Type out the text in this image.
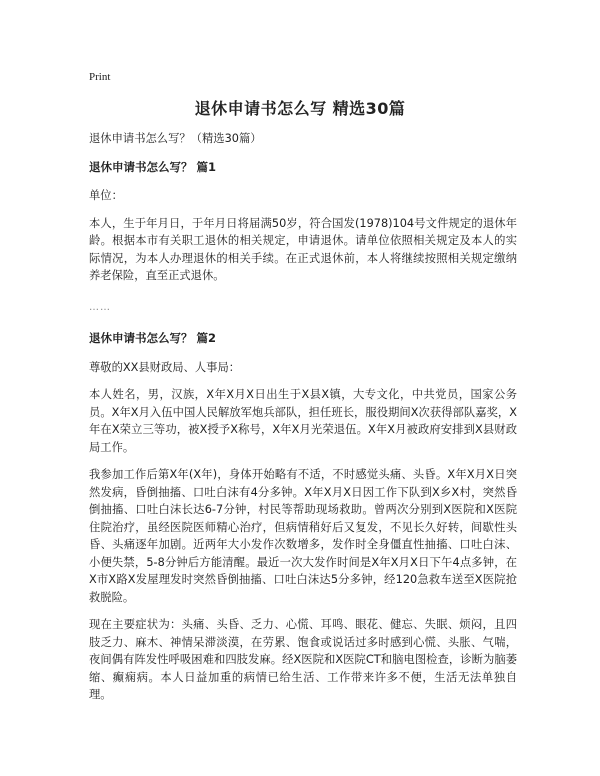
Print
退休申请书怎么写 精选30篇

退休申请书怎么写？（精选30篇）

退休申请书怎么写？ 篇1

单位：

本人，生于年月日，于年月日将届满50岁，符合国发(1978)104号文件规定的退休年龄。根据本市有关职工退休的相关规定，申请退休。请单位依照相关规定及本人的实际情况，为本人办理退休的相关手续。在正式退休前，本人将继续按照相关规定缴纳养老保险，直至正式退休。

……

退休申请书怎么写？ 篇2

尊敬的XX县财政局、人事局：

本人姓名，男，汉族，X年X月X日出生于X县X镇，大专文化，中共党员，国家公务员。X年X月入伍中国人民解放军炮兵部队，担任班长，服役期间X次获得部队嘉奖，X年在X荣立三等功，被X授予X称号，X年X月光荣退伍。X年X月被政府安排到X县财政局工作。

我参加工作后第X年(X年)，身体开始略有不适，不时感觉头痛、头昏。X年X月X日突然发病，昏倒抽搐、口吐白沫有4分多钟。X年X月X日因工作下队到X乡X村，突然昏倒抽搐、口吐白沫长达6-7分钟，村民等帮助现场救助。曾两次分别到X医院和X医院住院治疗，虽经医院医师精心治疗，但病情稍好后又复发，不见长久好转，间歇性头昏、头痛逐年加剧。近两年大小发作次数增多，发作时全身僵直性抽搐、口吐白沫、小便失禁，5-8分钟后方能清醒。最近一次大发作时间是X年X月X日下午4点多钟，在X市X路X发屋理发时突然昏倒抽搐、口吐白沫达5分多钟，经120急救车送至X医院抢救脱险。

现在主要症状为：头痛、头昏、乏力、心慌、耳鸣、眼花、健忘、失眠、烦闷，且四肢乏力、麻木、神情呆滞淡漠，在劳累、饱食或说话过多时感到心慌、头胀、气喘，夜间偶有阵发性呼吸困难和四肢发麻。经X医院和X医院CT和脑电图检查，诊断为脑萎缩、癫痫病。本人日益加重的病情已给生活、工作带来许多不便，生活无法单独自理。
